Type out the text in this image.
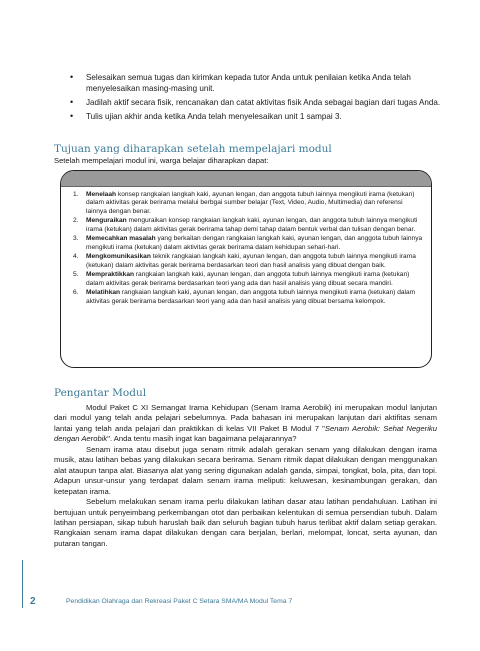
• Selesaikan semua tugas dan kirimkan kepada tutor Anda untuk penilaian ketika Anda telah menyelesaikan masing-masing unit.
• Jadilah aktif secara fisik, rencanakan dan catat aktivitas fisik Anda sebagai bagian dari tugas Anda.
• Tulis ujian akhir anda ketika Anda telah menyelesaikan unit 1 sampai 3.
Tujuan yang diharapkan setelah mempelajari modul
Setelah mempelajari modul ini, warga belajar diharapkan dapat:
1. Menelaah konsep rangkaian langkah kaki, ayunan lengan, dan anggota tubuh lainnya mengikuti irama (ketukan) dalam aktivitas gerak berirama melalui berbgai sumber belajar (Text, Video, Audio, Multimedia) dan referensi lainnya dengan benar.
2. Menguraikan menguraikan konsep rangkaian langkah kaki, ayunan lengan, dan anggota tubuh lainnya mengikuti irama (ketukan) dalam aktivitas gerak berirama tahap demi tahap dalam bentuk verbal dan tulisan dengan benar.
3. Memecahkan masalah yang berkaitan dengan rangkaian langkah kaki, ayunan lengan, dan anggota tubuh lainnya mengikuti irama (ketukan) dalam aktivitas gerak berirama dalam kehidupan sehari-hari.
4. Mengkomunikasikan teknik rangkaian langkah kaki, ayunan lengan, dan anggota tubuh lainnya mengikuti irama (ketukan) dalam aktivitas gerak berirama berdasarkan teori dan hasil analisis yang dibuat dengan baik.
5. Mempraktikkan rangkaian langkah kaki, ayunan lengan, dan anggota tubuh lainnya mengikuti irama (ketukan) dalam aktivitas gerak berirama berdasarkan teori yang ada dan hasil analisis yang dibuat secara mandiri.
6. Melatihkan rangkaian langkah kaki, ayunan lengan, dan anggota tubuh lainnya mengikuti irama (ketukan) dalam aktivitas gerak berirama berdasarkan teori yang ada dan hasil analisis yang dibuat bersama kelompok.
Pengantar Modul

Modul Paket C XI Semangat Irama Kehidupan (Senam Irama Aerobik) ini merupakan modul lanjutan dari modul yang telah anda pelajari sebelumnya. Pada bahasan ini merupakan lanjutan dari aktifitas senam lantai yang telah anda pelajari dan praktikkan di kelas VII Paket B Modul 7 "Senam Aerobik: Sehat Negeriku dengan Aerobik". Anda tentu masih ingat kan bagaimana pelajarannya?

Senam irama atau disebut juga senam ritmik adalah gerakan senam yang dilakukan dengan irama musik, atau latihan bebas yang dilakukan secara berirama. Senam ritmik dapat dilakukan dengan menggunakan alat ataupun tanpa alat. Biasanya alat yang sering digunakan adalah ganda, simpai, tongkat, bola, pita, dan topi. Adapun unsur-unsur yang terdapat dalam senam irama meliputi: keluwesan, kesinambungan gerakan, dan ketepatan irama.

Sebelum melakukan senam irama perlu dilakukan latihan dasar atau latihan pendahuluan. Latihan ini bertujuan untuk penyeimbang perkembangan otot dan perbaikan kelentukan di semua persendian tubuh. Dalam latihan persiapan, sikap tubuh haruslah baik dan seluruh bagian tubuh harus terlibat aktif dalam setiap gerakan. Rangkaian senam irama dapat dilakukan dengan cara berjalan, berlari, melompat, loncat, serta ayunan, dan putaran tangan.

2	Pendidikan Olahraga dan Rekreasi Paket C Setara SMA/MA Modul Tema 7
